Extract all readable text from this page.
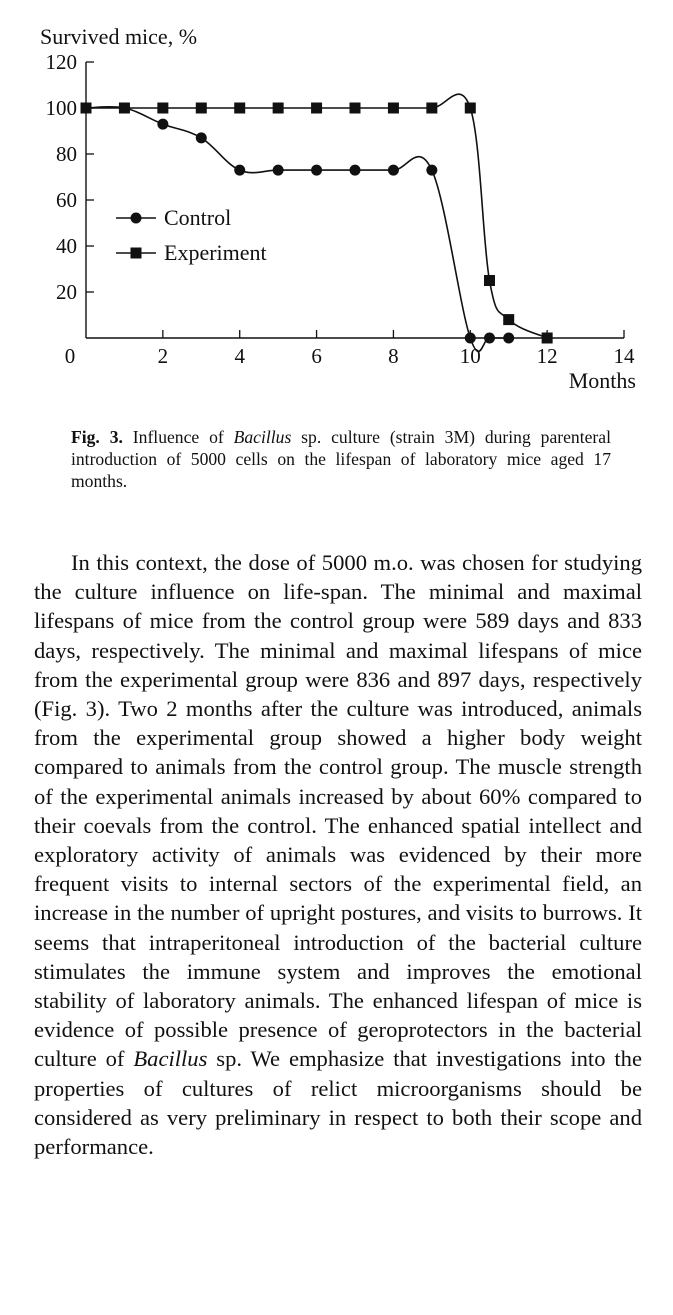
Survived mice, %
Months
20
40
60
80
100
120
0	2	4	6	8	10	12	14
Control
Experiment
Fig. 3. Influence of Bacillus sp. culture (strain 3M) during parenteral introduction of 5000 cells on the lifespan of laboratory mice aged 17 months.

In this context, the dose of 5000 m.o. was chosen for studying the culture influence on life-span. The minimal and maximal lifespans of mice from the control group were 589 days and 833 days, respectively. The minimal and maximal lifespans of mice from the experimental group were 836 and 897 days, respectively (Fig. 3). Two 2 months after the culture was introduced, animals from the experimental group showed a higher body weight compared to animals from the control group. The muscle strength of the experimental animals increased by about 60% compared to their coevals from the control. The enhanced spatial intellect and exploratory activity of animals was evidenced by their more frequent visits to internal sectors of the experimental field, an increase in the number of upright postures, and visits to burrows. It seems that intraperitoneal introduction of the bacterial culture stimulates the immune system and improves the emotional stability of laboratory animals. The enhanced lifespan of mice is evidence of possible presence of geroprotectors in the bacterial culture of Bacillus sp. We emphasize that investigations into the properties of cultures of relict microorganisms should be considered as very preliminary in respect to both their scope and performance.
